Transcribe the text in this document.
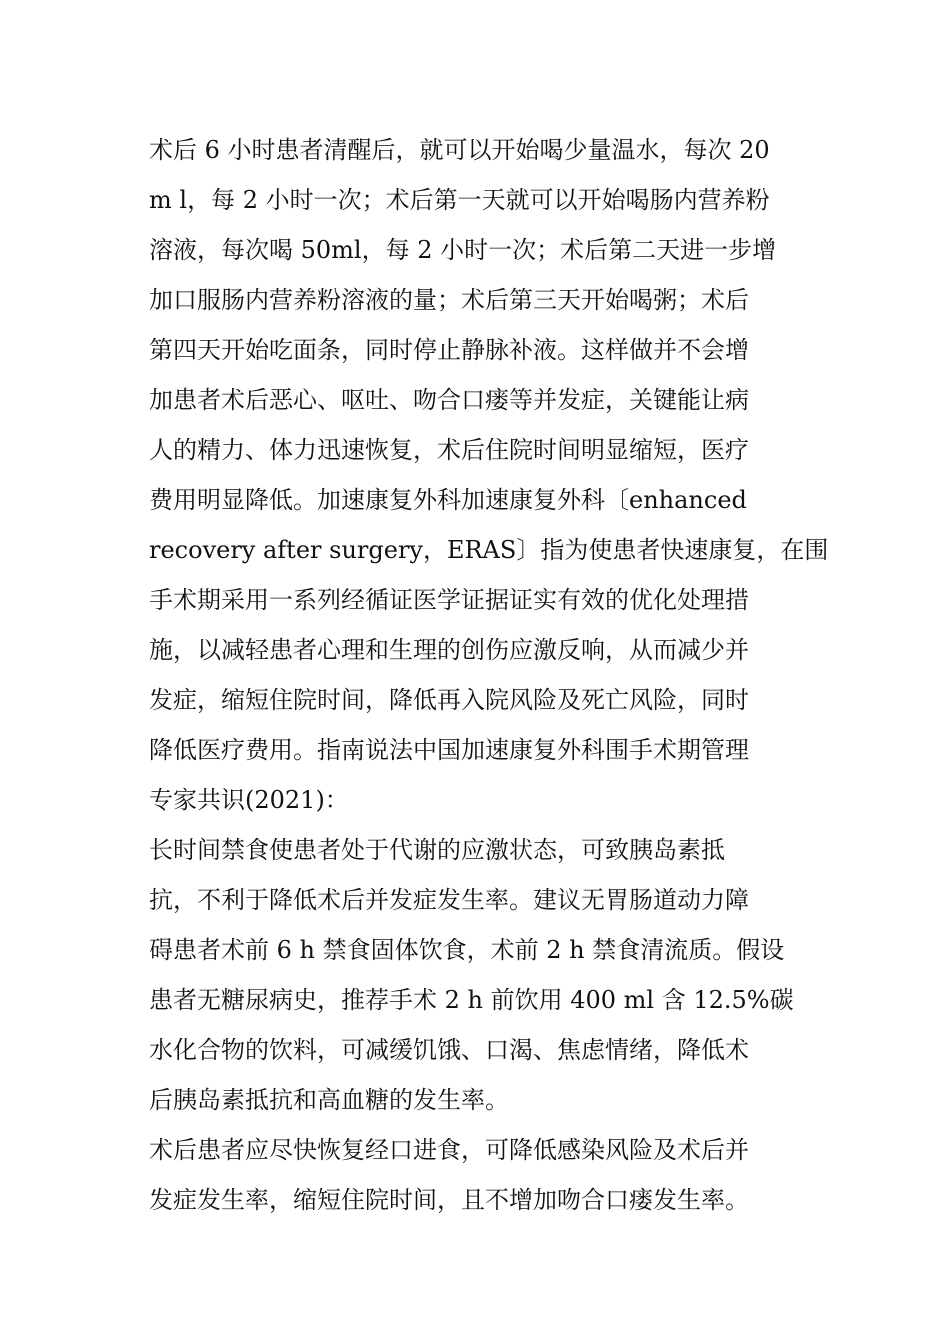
术后 6 小时患者清醒后，就可以开始喝少量温水，每次 20
m l，每 2 小时一次；术后第一天就可以开始喝肠内营养粉
溶液，每次喝 50ml，每 2 小时一次；术后第二天进一步增
加口服肠内营养粉溶液的量；术后第三天开始喝粥；术后
第四天开始吃面条，同时停止静脉补液。这样做并不会增
加患者术后恶心、呕吐、吻合口瘘等并发症，关键能让病
人的精力、体力迅速恢复，术后住院时间明显缩短，医疗
费用明显降低。加速康复外科加速康复外科〔enhanced
recovery after surgery，ERAS〕指为使患者快速康复，在围
手术期采用一系列经循证医学证据证实有效的优化处理措
施，以减轻患者心理和生理的创伤应激反响，从而减少并
发症，缩短住院时间，降低再入院风险及死亡风险，同时
降低医疗费用。指南说法中国加速康复外科围手术期管理
专家共识(2021)：
长时间禁食使患者处于代谢的应激状态，可致胰岛素抵
抗，不利于降低术后并发症发生率。建议无胃肠道动力障
碍患者术前 6 h 禁食固体饮食，术前 2 h 禁食清流质。假设
患者无糖尿病史，推荐手术 2 h 前饮用 400 ml 含 12.5%碳
水化合物的饮料，可减缓饥饿、口渴、焦虑情绪，降低术
后胰岛素抵抗和高血糖的发生率。
术后患者应尽快恢复经口进食，可降低感染风险及术后并
发症发生率，缩短住院时间，且不增加吻合口瘘发生率。
